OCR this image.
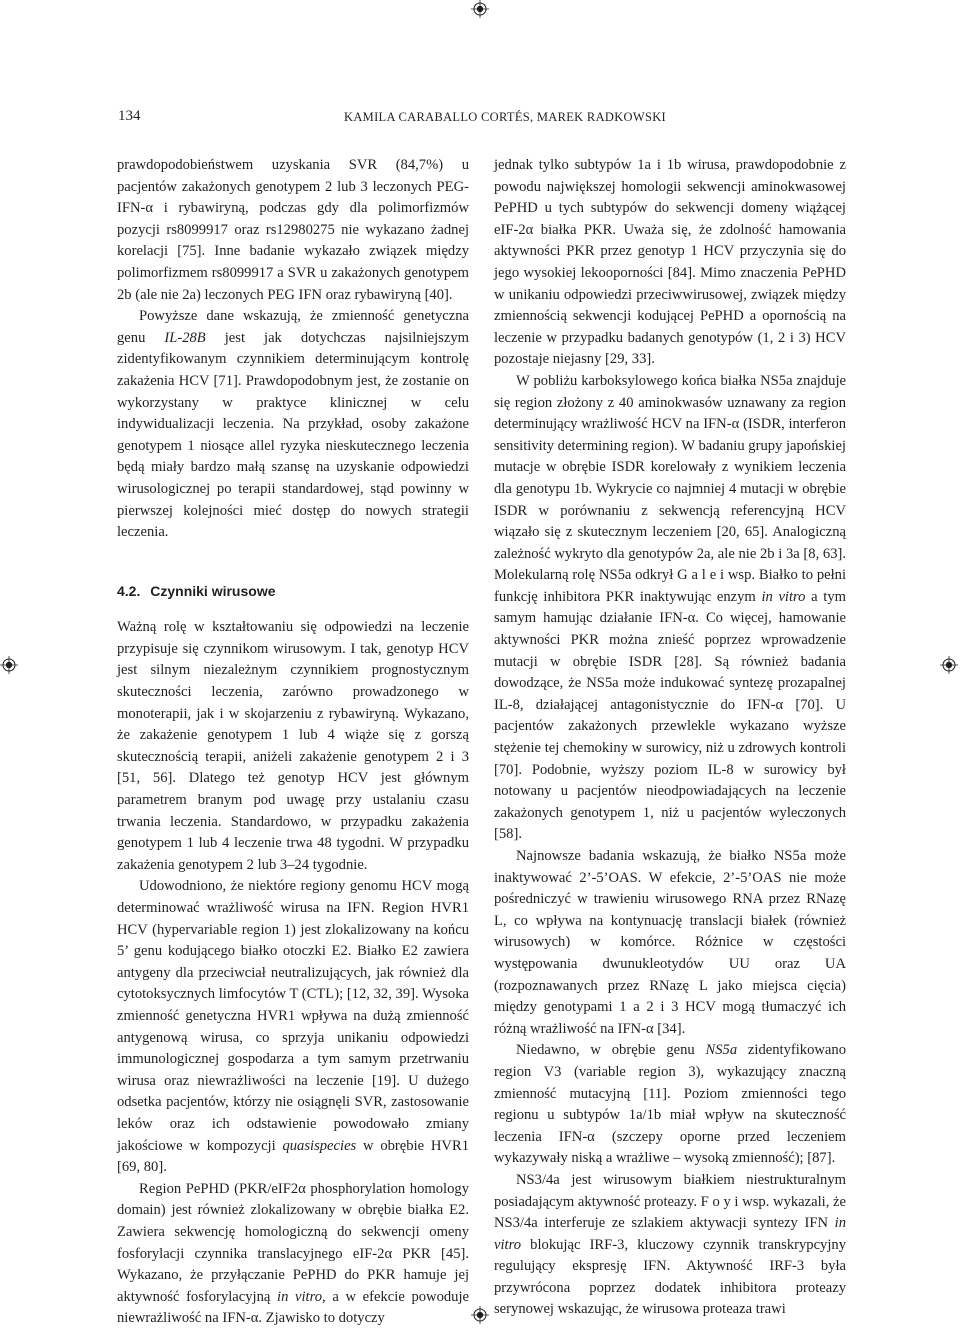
134	KAMILA CARABALLO CORTÉS, MAREK RADKOWSKI

prawdopodobieństwem uzyskania SVR (84,7%) u pacjentów zakażonych genotypem 2 lub 3 leczonych PEG-IFN-α i rybawiryną, podczas gdy dla polimorfizmów pozycji rs8099917 oraz rs12980275 nie wykazano żadnej korelacji [75]. Inne badanie wykazało związek między polimorfizmem rs8099917 a SVR u zakażonych genotypem 2b (ale nie 2a) leczonych PEG IFN oraz rybawiryną [40].

Powyższe dane wskazują, że zmienność genetyczna genu IL-28B jest jak dotychczas najsilniejszym zidentyfikowanym czynnikiem determinującym kontrolę zakażenia HCV [71]. Prawdopodobnym jest, że zostanie on wykorzystany w praktyce klinicznej w celu indywidualizacji leczenia. Na przykład, osoby zakażone genotypem 1 niosące allel ryzyka nieskutecznego leczenia będą miały bardzo małą szansę na uzyskanie odpowiedzi wirusologicznej po terapii standardowej, stąd powinny w pierwszej kolejności mieć dostęp do nowych strategii leczenia.

4.2. Czynniki wirusowe

Ważną rolę w kształtowaniu się odpowiedzi na leczenie przypisuje się czynnikom wirusowym. I tak, genotyp HCV jest silnym niezależnym czynnikiem prognostycznym skuteczności leczenia, zarówno prowadzonego w monoterapii, jak i w skojarzeniu z rybawiryną. Wykazano, że zakażenie genotypem 1 lub 4 wiąże się z gorszą skutecznością terapii, aniżeli zakażenie genotypem 2 i 3 [51, 56]. Dlatego też genotyp HCV jest głównym parametrem branym pod uwagę przy ustalaniu czasu trwania leczenia. Standardowo, w przypadku zakażenia genotypem 1 lub 4 leczenie trwa 48 tygodni. W przypadku zakażenia genotypem 2 lub 3–24 tygodnie.

Udowodniono, że niektóre regiony genomu HCV mogą determinować wrażliwość wirusa na IFN. Region HVR1 HCV (hypervariable region 1) jest zlokalizowany na końcu 5’ genu kodującego białko otoczki E2. Białko E2 zawiera antygeny dla przeciwciał neutralizujących, jak również dla cytotoksycznych limfocytów T (CTL); [12, 32, 39]. Wysoka zmienność genetyczna HVR1 wpływa na dużą zmienność antygenową wirusa, co sprzyja unikaniu odpowiedzi immunologicznej gospodarza a tym samym przetrwaniu wirusa oraz niewrażliwości na leczenie [19]. U dużego odsetka pacjentów, którzy nie osiągnęli SVR, zastosowanie leków oraz ich odstawienie powodowało zmiany jakościowe w kompozycji quasispecies w obrębie HVR1 [69, 80].

Region PePHD (PKR/eIF2α phosphorylation homology domain) jest również zlokalizowany w obrębie białka E2. Zawiera sekwencję homologiczną do sekwencji omeny fosforylacji czynnika translacyjnego eIF-2α PKR [45]. Wykazano, że przyłączanie PePHD do PKR hamuje jej aktywność fosforylacyjną in vitro, a w efekcie powoduje niewrażliwość na IFN-α. Zjawisko to dotyczy

jednak tylko subtypów 1a i 1b wirusa, prawdopodobnie z powodu największej homologii sekwencji aminokwasowej PePHD u tych subtypów do sekwencji domeny wiążącej eIF-2α białka PKR. Uważa się, że zdolność hamowania aktywności PKR przez genotyp 1 HCV przyczynia się do jego wysokiej lekooporności [84]. Mimo znaczenia PePHD w unikaniu odpowiedzi przeciwwirusowej, związek między zmiennością sekwencji kodującej PePHD a opornością na leczenie w przypadku badanych genotypów (1, 2 i 3) HCV pozostaje niejasny [29, 33].

W pobliżu karboksylowego końca białka NS5a znajduje się region złożony z 40 aminokwasów uznawany za region determinujący wrażliwość HCV na IFN-α (ISDR, interferon sensitivity determining region). W badaniu grupy japońskiej mutacje w obrębie ISDR korelowały z wynikiem leczenia dla genotypu 1b. Wykrycie co najmniej 4 mutacji w obrębie ISDR w porównaniu z sekwencją referencyjną HCV wiązało się z skutecznym leczeniem [20, 65]. Analogiczną zależność wykryto dla genotypów 2a, ale nie 2b i 3a [8, 63]. Molekularną rolę NS5a odkrył G a l e i wsp. Białko to pełni funkcję inhibitora PKR inaktywując enzym in vitro a tym samym hamując działanie IFN-α. Co więcej, hamowanie aktywności PKR można znieść poprzez wprowadzenie mutacji w obrębie ISDR [28]. Są również badania dowodzące, że NS5a może indukować syntezę prozapalnej IL-8, działającej antagonistycznie do IFN-α [70]. U pacjentów zakażonych przewlekle wykazano wyższe stężenie tej chemokiny w surowicy, niż u zdrowych kontroli [70]. Podobnie, wyższy poziom IL-8 w surowicy był notowany u pacjentów nieodpowiadających na leczenie zakażonych genotypem 1, niż u pacjentów wyleczonych [58].

Najnowsze badania wskazują, że białko NS5a może inaktywować 2’-5’OAS. W efekcie, 2’-5’OAS nie może pośredniczyć w trawieniu wirusowego RNA przez RNazę L, co wpływa na kontynuację translacji białek (również wirusowych) w komórce. Różnice w częstości występowania dwunukleotydów UU oraz UA (rozpoznawanych przez RNazę L jako miejsca cięcia) między genotypami 1 a 2 i 3 HCV mogą tłumaczyć ich różną wrażliwość na IFN-α [34].

Niedawno, w obrębie genu NS5a zidentyfikowano region V3 (variable region 3), wykazujący znaczną zmienność mutacyjną [11]. Poziom zmienności tego regionu u subtypów 1a/1b miał wpływ na skuteczność leczenia IFN-α (szczepy oporne przed leczeniem wykazywały niską a wrażliwe – wysoką zmienność); [87].

NS3/4a jest wirusowym białkiem niestrukturalnym posiadającym aktywność proteazy. F o y i wsp. wykazali, że NS3/4a interferuje ze szlakiem aktywacji syntezy IFN in vitro blokując IRF-3, kluczowy czynnik transkrypcyjny regulujący ekspresję IFN. Aktywność IRF-3 była przywrócona poprzez dodatek inhibitora proteazy serynowej wskazując, że wirusowa proteaza trawi
